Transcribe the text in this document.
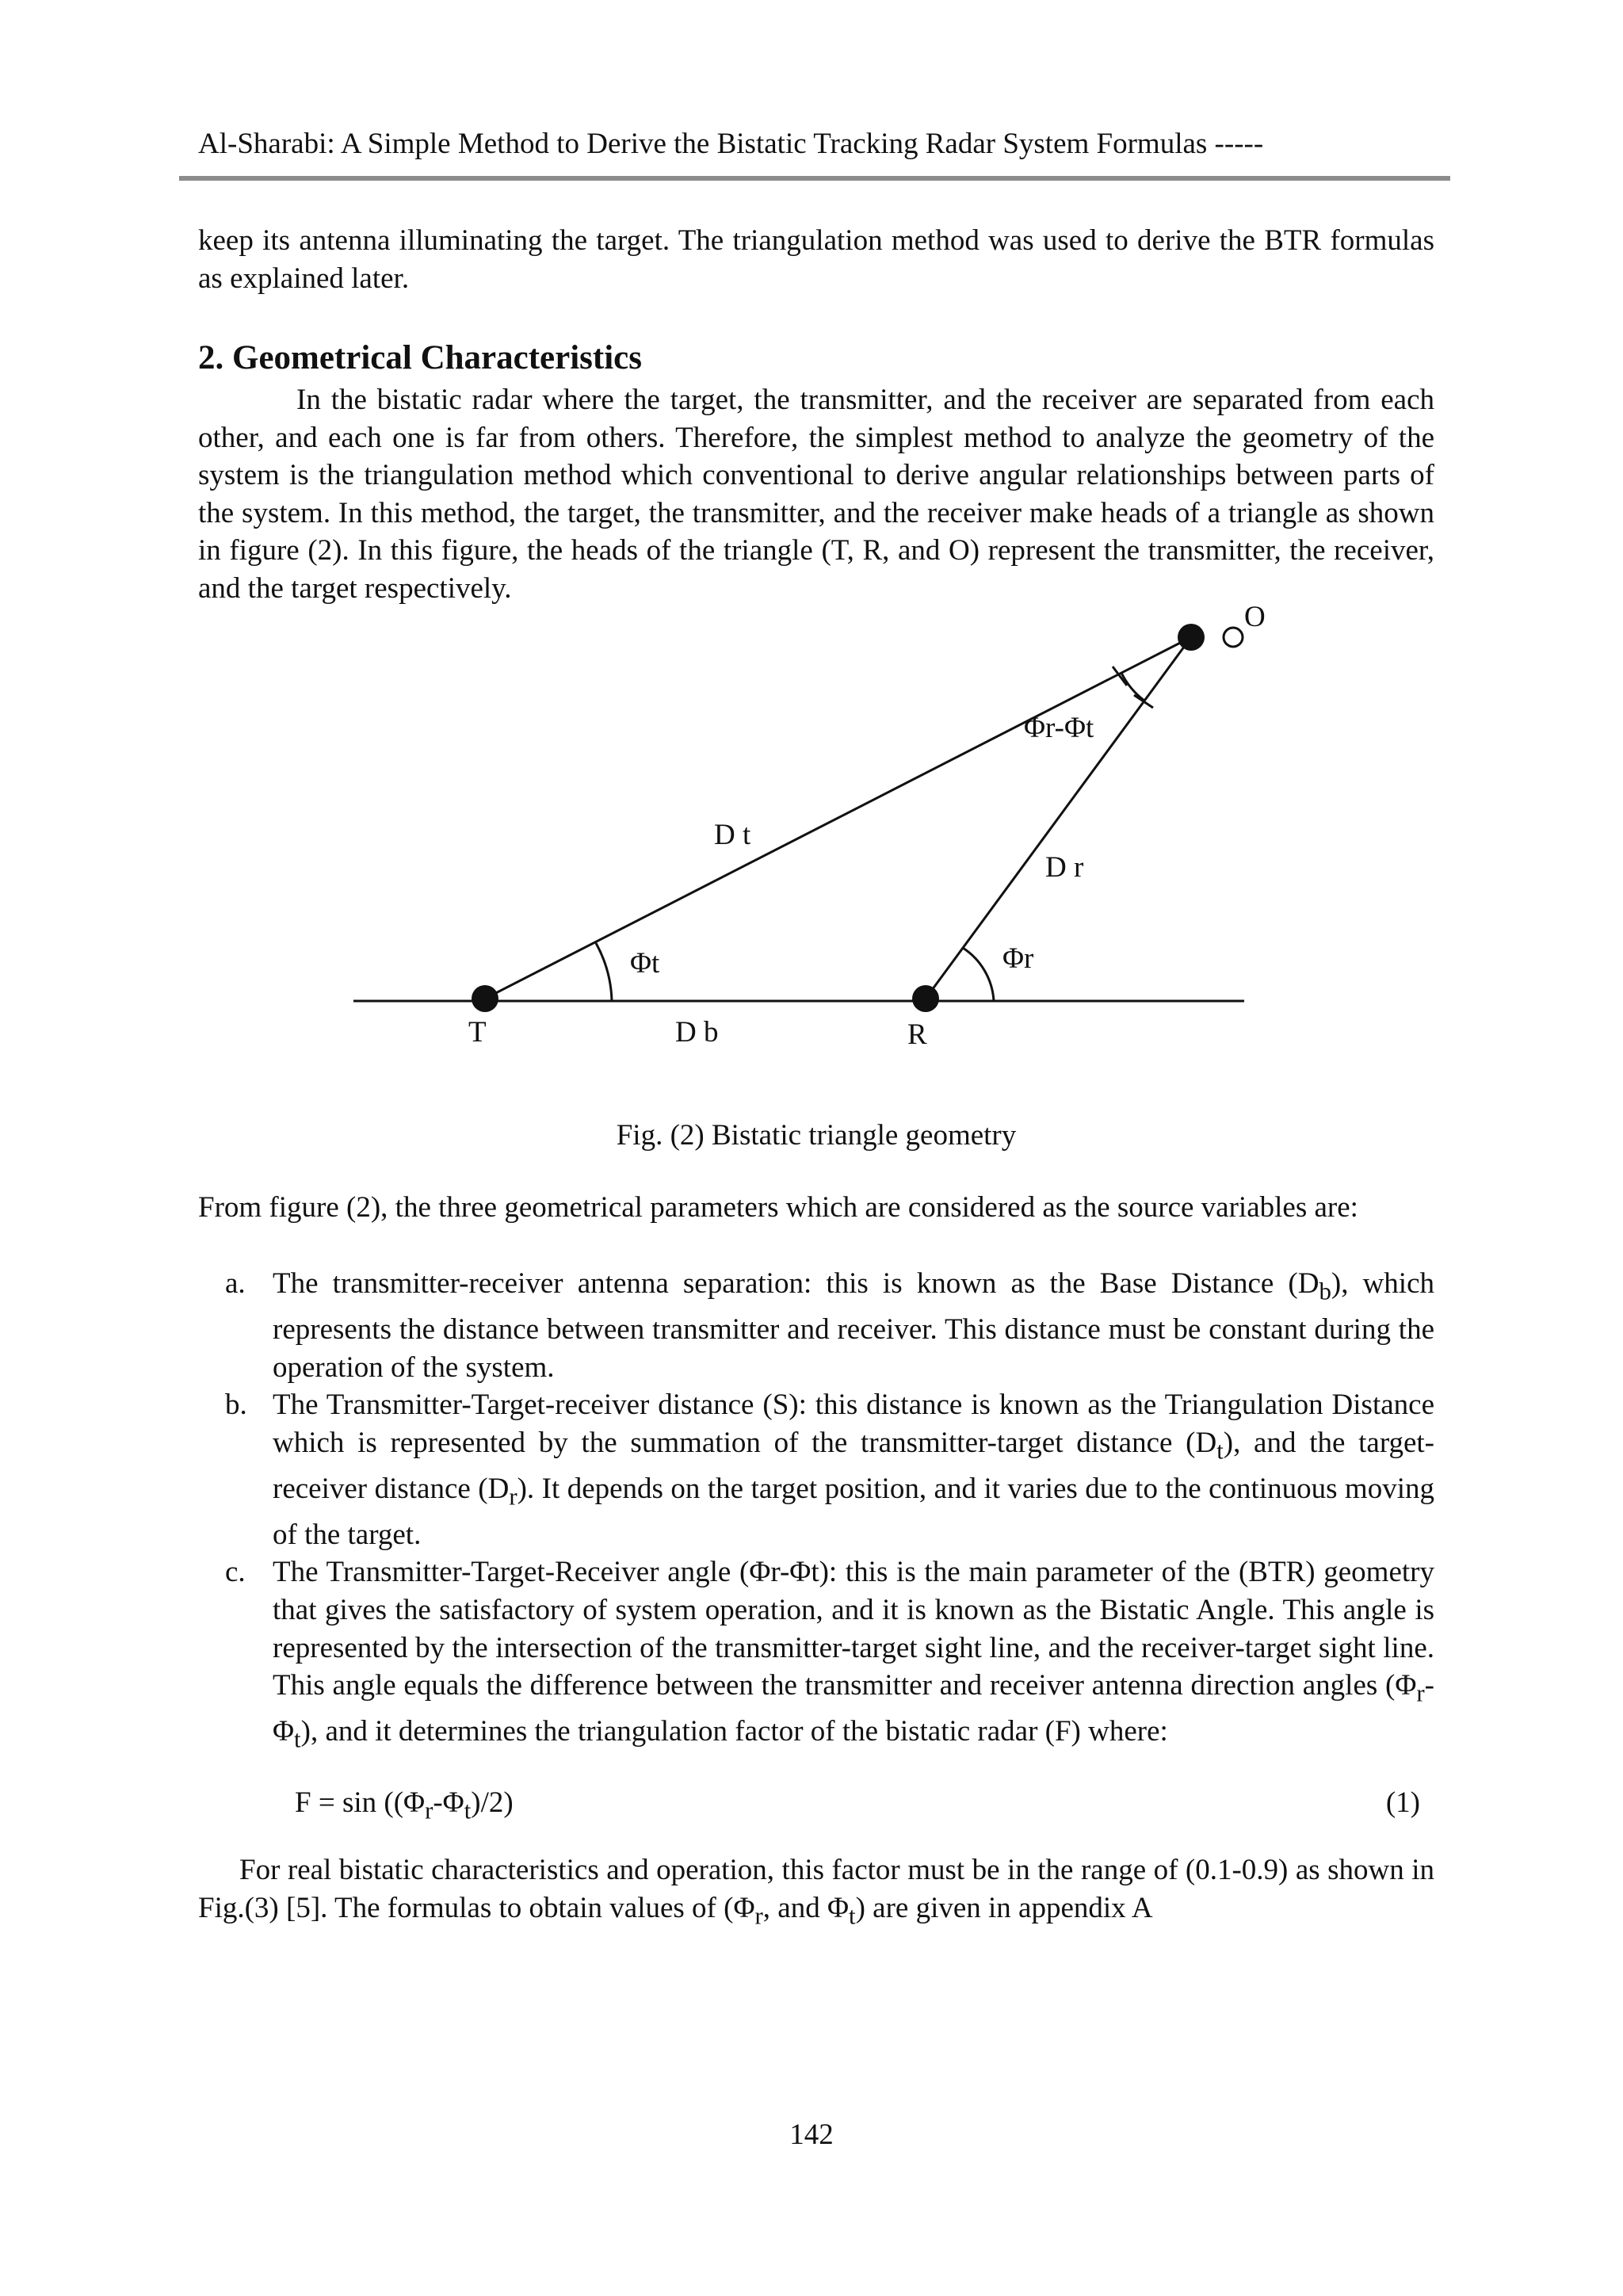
Al-Sharabi: A Simple Method to Derive the Bistatic Tracking Radar System Formulas -----

keep its antenna illuminating the target. The triangulation method was used to derive the BTR formulas as explained later.

2. Geometrical Characteristics

In the bistatic radar where the target, the transmitter, and the receiver are separated from each other, and each one is far from others. Therefore, the simplest method to analyze the geometry of the system is the triangulation method which conventional to derive angular relationships between parts of the system. In this method, the target, the transmitter, and the receiver make heads of a triangle as shown in figure (2). In this figure, the heads of the triangle (T, R, and O) represent the transmitter, the receiver, and the target respectively.

Φr-Φt
D t
D r
Φt	Φr
T	D b	R
O
Fig. (2) Bistatic triangle geometry

From figure (2), the three geometrical parameters which are considered as the source variables are:

a. The transmitter-receiver antenna separation: this is known as the Base Distance $(D_b)$, which represents the distance between transmitter and receiver. This distance must be constant during the operation of the system.
b. The Transmitter-Target-receiver distance (S): this distance is known as the Triangulation Distance which is represented by the summation of the transmitter-target distance $(D_t)$, and the target-receiver distance $(D_r)$. It depends on the target position, and it varies due to the continuous moving of the target.
c. The Transmitter-Target-Receiver angle (Φr-Φt): this is the main parameter of the (BTR) geometry that gives the satisfactory of system operation, and it is known as the Bistatic Angle. This angle is represented by the intersection of the transmitter-target sight line, and the receiver-target sight line. This angle equals the difference between the transmitter and receiver antenna direction angles $(\Phi_r-\Phi_t)$, and it determines the triangulation factor of the bistatic radar (F) where:
$F = \sin ((\Phi_r-\Phi_t)/2)$	(1)

For real bistatic characteristics and operation, this factor must be in the range of (0.1-0.9) as shown in Fig.(3) [5]. The formulas to obtain values of ($\Phi_r$, and $\Phi_t$) are given in appendix A

142
